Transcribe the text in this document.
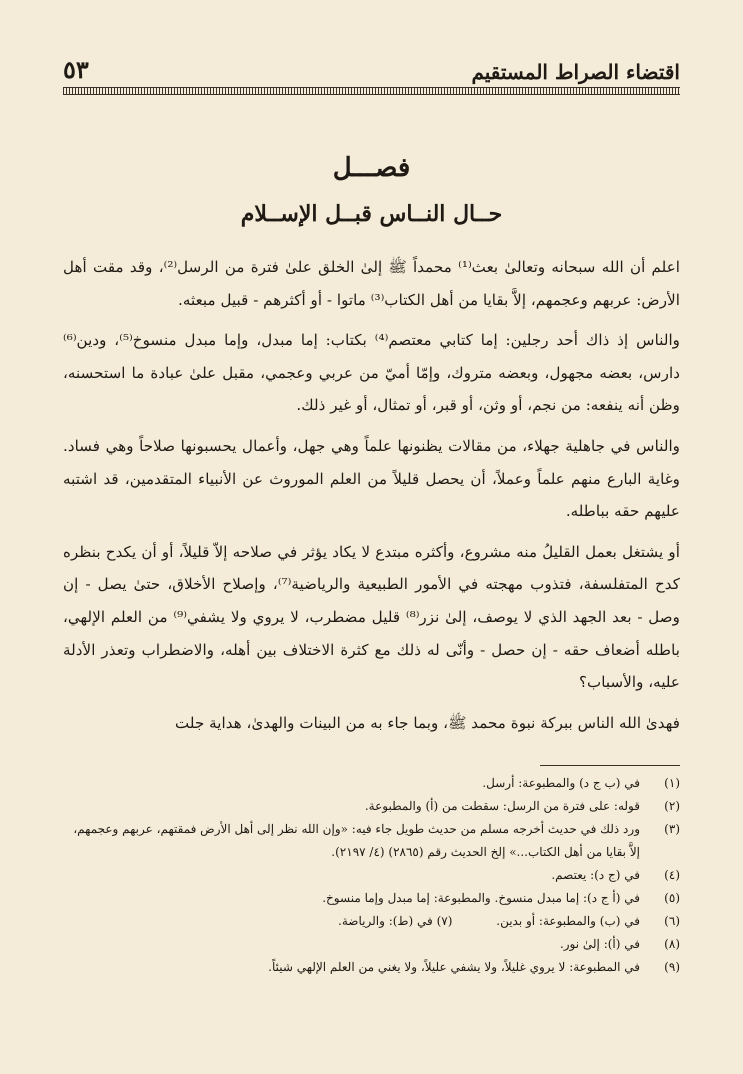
اقتضاء الصراط المستقيم
٥٣
فصـــل
حــال النــاس قبــل الإســلام

اعلم أن الله سبحانه وتعالىٰ بعث⁽¹⁾ محمداً ﷺ إلىٰ الخلق علىٰ فترة من الرسل⁽²⁾، وقد مقت أهل الأرض: عربهم وعجمهم، إلاَّ بقايا من أهل الكتاب⁽³⁾ ماتوا - أو أكثرهم - قبيل مبعثه.

والناس إذ ذاك أحد رجلين: إما كتابي معتصم⁽⁴⁾ بكتاب: إما مبدل، وإما مبدل منسوخ⁽⁵⁾، ودين⁽⁶⁾ دارس، بعضه مجهول، وبعضه متروك، وإمّا أميّ من عربي وعجمي، مقبل علىٰ عبادة ما استحسنه، وظن أنه ينفعه: من نجم، أو وثن، أو قبر، أو تمثال، أو غير ذلك.

والناس في جاهلية جهلاء، من مقالات يظنونها علماً وهي جهل، وأعمال يحسبونها صلاحاً وهي فساد. وغاية البارع منهم علماً وعملاً، أن يحصل قليلاً من العلم الموروث عن الأنبياء المتقدمين، قد اشتبه عليهم حقه بباطله.

أو يشتغل بعمل القليلُ منه مشروع، وأكثره مبتدع لا يكاد يؤثر في صلاحه إلاّ قليلاً، أو أن يكدح بنظره كدح المتفلسفة، فتذوب مهجته في الأمور الطبيعية والرياضية⁽⁷⁾، وإصلاح الأخلاق، حتىٰ يصل - إن وصل - بعد الجهد الذي لا يوصف، إلىٰ نزر⁽⁸⁾ قليل مضطرب، لا يروي ولا يشفي⁽⁹⁾ من العلم الإلهي، باطله أضعاف حقه - إن حصل - وأنّى له ذلك مع كثرة الاختلاف بين أهله، والاضطراب وتعذر الأدلة عليه، والأسباب؟

فهدىٰ الله الناس ببركة نبوة محمد ﷺ، وبما جاء به من البينات والهدىٰ، هداية جلت

(١)
في (ب ج د) والمطبوعة: أرسل.
(٢)
قوله: على فترة من الرسل: سقطت من (أ) والمطبوعة.
(٣)
ورد ذلك في حديث أخرجه مسلم من حديث طويل جاء فيه: «وإن الله نظر إلى أهل الأرض فمقتهم، عربهم وعجمهم، إلاَّ بقايا من أهل الكتاب...» إلخ الحديث رقم (٢٨٦٥) (٤/ ٢١٩٧).
(٤)
في (ج د): يعتصم.
(٥)
في (أ ج د): إما مبدل منسوخ. والمطبوعة: إما مبدل وإما منسوخ.
(٦)
في (ب) والمطبوعة: أو بدين. (٧) في (ط): والرياضة.
(٨)
في (أ): إلىٰ نور.
(٩)
في المطبوعة: لا يروي غليلاً، ولا يشفي عليلاً، ولا يغني من العلم الإلهي شيئاً.
